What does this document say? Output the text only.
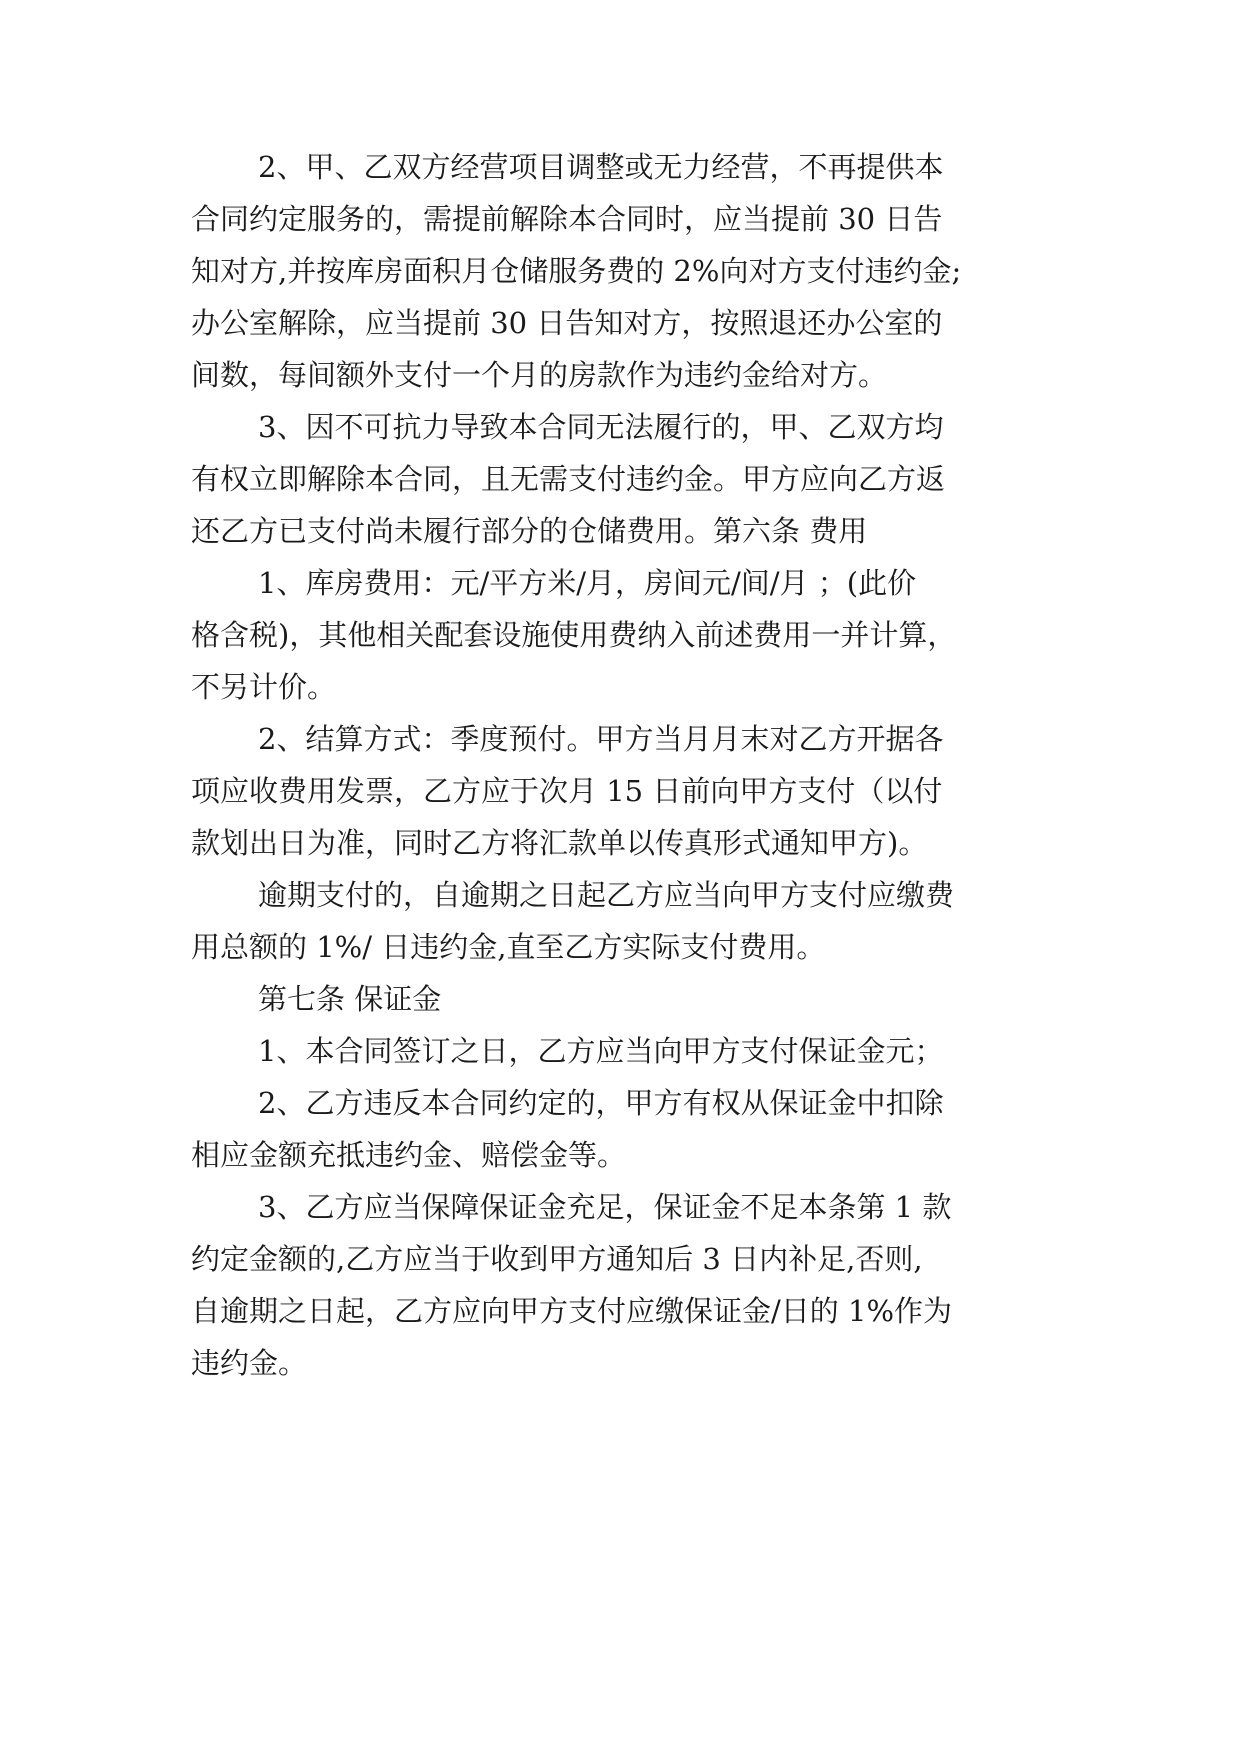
2、甲、乙双方经营项目调整或无力经营，不再提供本
合同约定服务的，需提前解除本合同时，应当提前 30 日告
知对方,并按库房面积月仓储服务费的 2%向对方支付违约金;
办公室解除，应当提前 30 日告知对方，按照退还办公室的
间数，每间额外支付一个月的房款作为违约金给对方。
3、因不可抗力导致本合同无法履行的，甲、乙双方均
有权立即解除本合同，且无需支付违约金。甲方应向乙方返
还乙方已支付尚未履行部分的仓储费用。第六条 费用
1、库房费用：元/平方米/月，房间元/间/月 ；(此价
格含税)，其他相关配套设施使用费纳入前述费用一并计算，
不另计价。
2、结算方式：季度预付。甲方当月月末对乙方开据各
项应收费用发票，乙方应于次月 15 日前向甲方支付（以付
款划出日为准，同时乙方将汇款单以传真形式通知甲方)。
逾期支付的，自逾期之日起乙方应当向甲方支付应缴费
用总额的 1%/ 日违约金,直至乙方实际支付费用。
第七条 保证金
1、本合同签订之日，乙方应当向甲方支付保证金元；
2、乙方违反本合同约定的，甲方有权从保证金中扣除
相应金额充抵违约金、赔偿金等。
3、乙方应当保障保证金充足，保证金不足本条第 1 款
约定金额的,乙方应当于收到甲方通知后 3 日内补足,否则,
自逾期之日起，乙方应向甲方支付应缴保证金/日的 1%作为
违约金。
